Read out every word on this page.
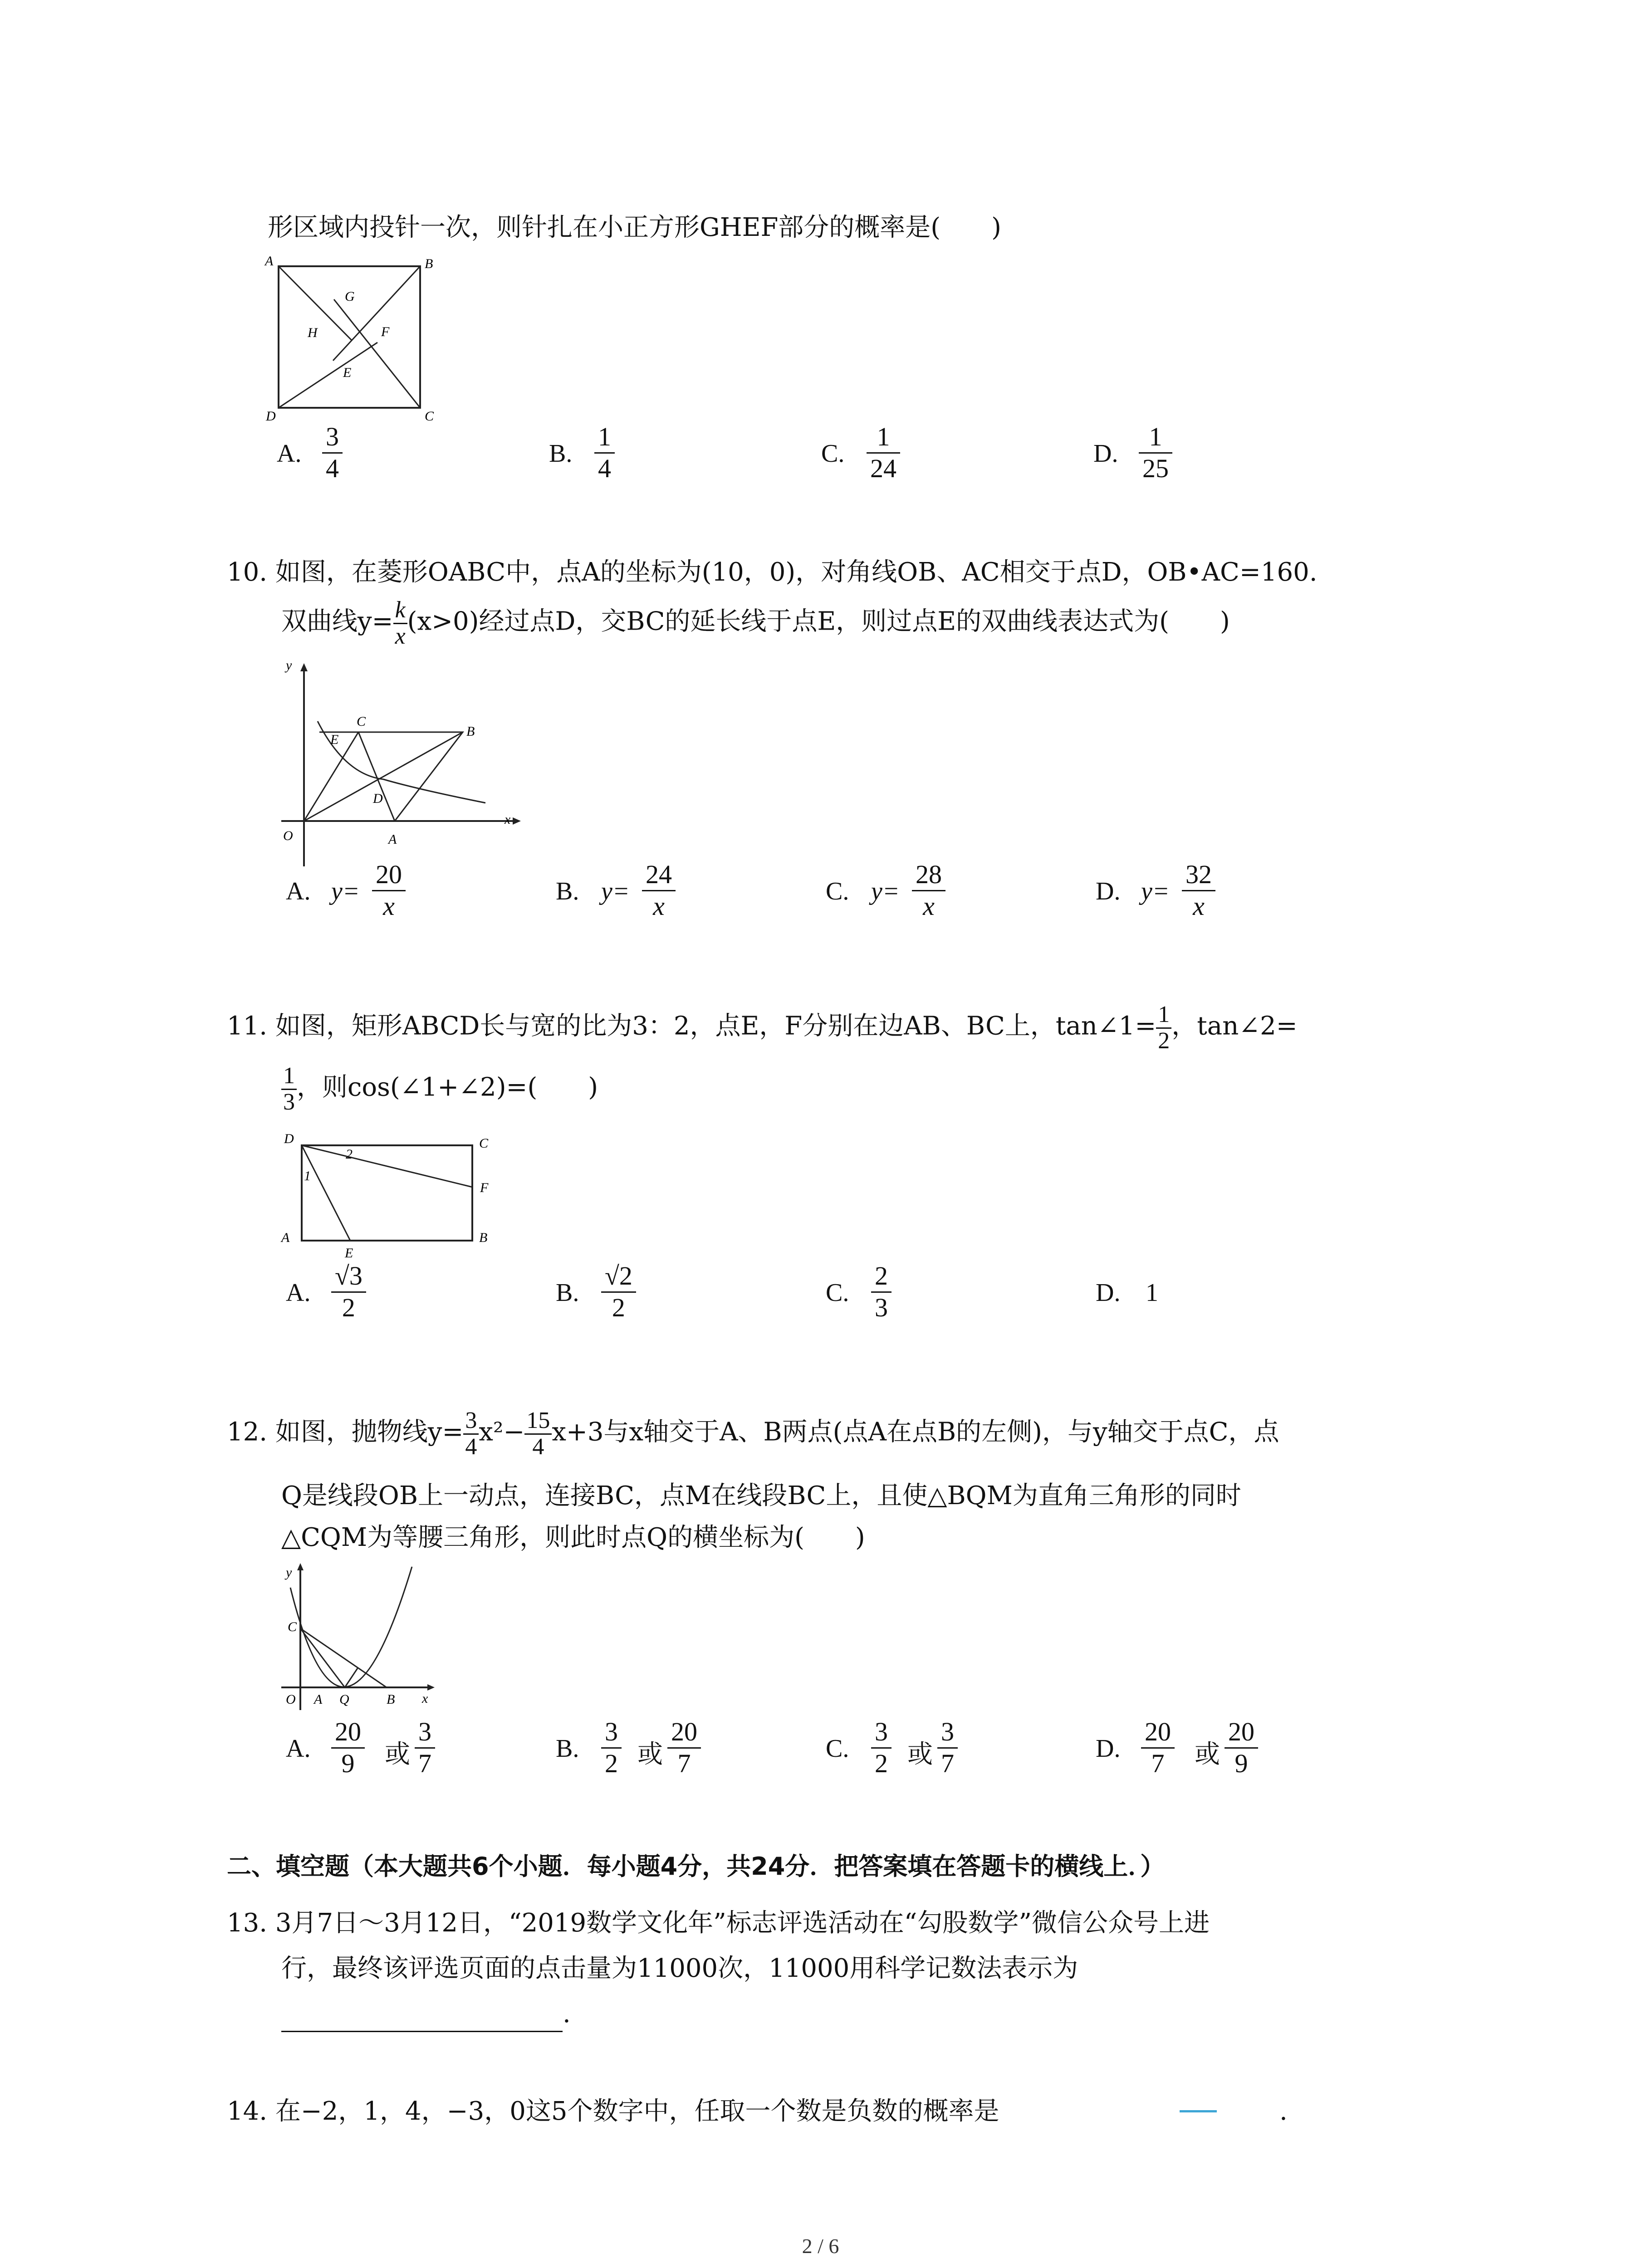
形区域内投针一次，则针扎在小正方形GHEF部分的概率是(　　)
A	B
C
D
G
H
E
F
A. $\frac{3}{4}$	B. $\frac{1}{4}$	C. $\frac{1}{24}$	D. $\frac{1}{25}$
10. 如图，在菱形OABC中，点A的坐标为(10，0)，对角线OB、AC相交于点D，OB•AC=160.
双曲线$y= \frac{k}{x} (x>0)$经过点D，交BC的延长线于点E，则过点E的双曲线表达式为(　　)
y
x
O	A
B
C
D
E
A. $y= \frac{20}{x}$	B. $y= \frac{24}{x}$	C. $y= \frac{28}{x}$	D. $y= \frac{32}{x}$
11. 如图，矩形ABCD长与宽的比为3：2，点E，F分别在边AB、BC上，tan∠1= $\frac{1}{2}$ ，tan∠2=
$\frac{1}{3}$ ，则cos(∠1+∠2)=(　　)
D	C
A	B
E
F
1
2
A. $\frac{√3}{2}$	B. $\frac{√2}{2}$	C. $\frac{2}{3}$	D. 1
12. 如图，抛物线$y= \frac{3}{4} x^2- \frac{15}{4} x+3$与x轴交于A、B两点(点A在点B的左侧)，与y轴交于点C，点
Q是线段OB上一动点，连接BC，点M在线段BC上，且使△BQM为直角三角形的同时
△CQM为等腰三角形，则此时点Q的横坐标为(　　)
y
x
O A Q	B
C
A. $\frac{20}{9}$ 或 $\frac{3}{7}$	B. $\frac{3}{2}$ 或 $\frac{20}{7}$	C. $\frac{3}{2}$ 或 $\frac{3}{7}$	D. $\frac{20}{7}$ 或 $\frac{20}{9}$
二、填空题（本大题共6个小题．每小题4分，共24分．把答案填在答题卡的横线上．）
13. 3月7日～3月12日，“2019数学文化年”标志评选活动在“勾股数学”微信公众号上进
行，最终该评选页面的点击量为11000次，11000用科学记数法表示为
.
14. 在−2，1，4，−3，0这5个数字中，任取一个数是负数的概率是	.
2 / 6
